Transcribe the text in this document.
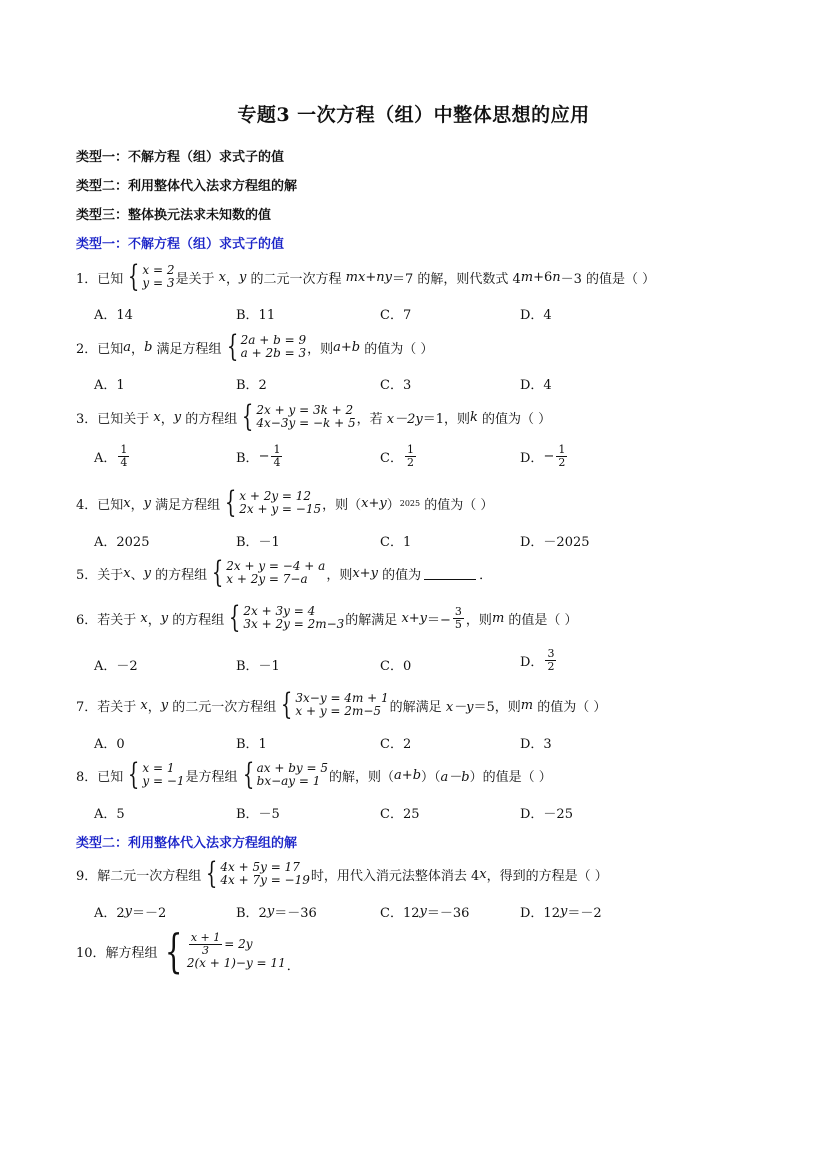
专题3 一次方程（组）中整体思想的应用
类型一：不解方程（组）求式子的值
类型二：利用整体代入法求方程组的解
类型三：整体换元法求未知数的值
类型一：不解方程（组）求式子的值
1．已知 { x = 2
y = 3 是关于
x ， y
的二元一次方程
mx+ny ＝7 的解，则代数式 4 m +6 n －3 的值是（ ）
A．14	B．11	C．7	D．4
2．已知 a ， b
满足方程组 { 2a + b = 9
a + 2b = 3 ，则 a+b
的值为（ ）
A．1	B．2	C．3	D．4
3．已知关于
x ， y
的方程组 { 2x + y = 3k + 2
4x−3y = −k + 5 ，若
x－2y ＝1，则 k
的值为（ ）
A． $\frac{1}{4}$	B． − $\frac{1}{4}$	C． $\frac{1}{2}$	D． − $\frac{1}{2}$
4．已知 x ， y
满足方程组 { x + 2y = 12
2x + y = −15 ，则（ x+y ） 2025
的值为（ ）
A．2025	B．－1	C．1	D．－2025
5．关于 x 、 y
的方程组 { 2x + y = −4 + a
x + 2y = 7−a	，则 x+y
的值为	．
6．若关于
x ， y
的方程组 { 2x + 3y = 4
3x + 2y = 2m−3 的解满足
$x+y =- \frac{3}{5}$ ，则 m
的值是（ ）
A．－2	B．－1	C．0	D． $\frac{3}{2}$
7．若关于
x ， y
的二元一次方程组 { 3x−y = 4m + 1
x + y = 2m−5 的解满足
x－y ＝5，则 m
的值为（ ）
A．0	B．1	C．2	D．3
8．已知 { x = 1
y = −1 是方程组 { ax + by = 5
bx−ay = 1 的解，则（ a+b ）（ a－b ）的值是（ ）
A．5	B．－5	C．25	D．－25
类型二：利用整体代入法求方程组的解
9．解二元一次方程组 { 4x + 5y = 17
4x + 7y = −19 时，用代入消元法整体消去 4 x ，得到的方程是（ ）
A．2 y ＝－2	B．2 y ＝－36	C．12 y ＝－36	D．12 y ＝－2
10．解方程组 { $\frac{x + 1}{3} = 2y$
2(x + 1)−y = 11 ．
